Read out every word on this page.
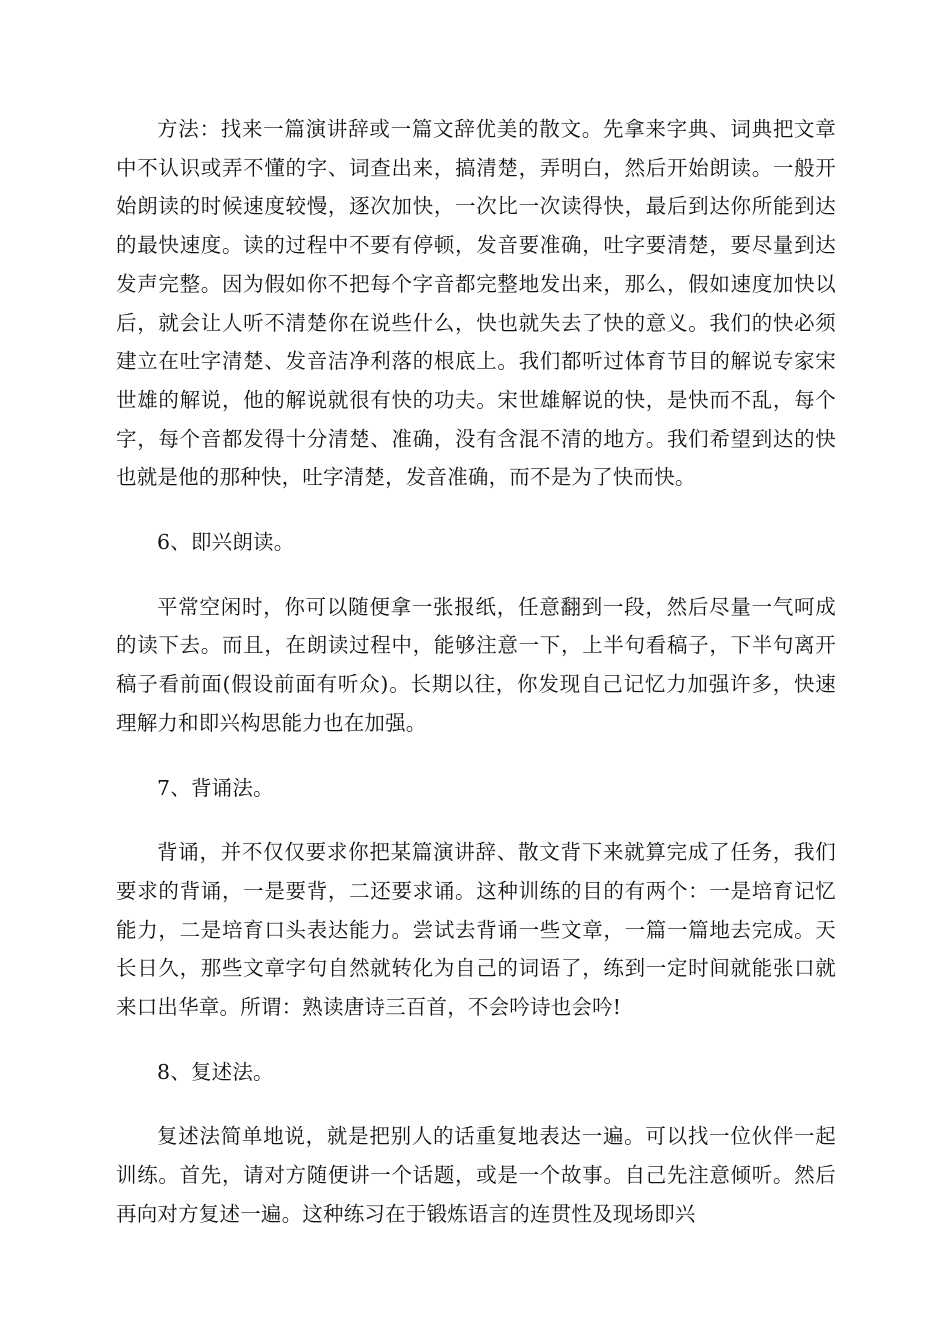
方法：找来一篇演讲辞或一篇文辞优美的散文。先拿来字典、词典把文章中不认识或弄不懂的字、词查出来，搞清楚，弄明白，然后开始朗读。一般开始朗读的时候速度较慢，逐次加快，一次比一次读得快，最后到达你所能到达的最快速度。读的过程中不要有停顿，发音要准确，吐字要清楚，要尽量到达发声完整。因为假如你不把每个字音都完整地发出来，那么，假如速度加快以后，就会让人听不清楚你在说些什么，快也就失去了快的意义。我们的快必须建立在吐字清楚、发音洁净利落的根底上。我们都听过体育节目的解说专家宋世雄的解说，他的解说就很有快的功夫。宋世雄解说的快，是快而不乱，每个字，每个音都发得十分清楚、准确，没有含混不清的地方。我们希望到达的快也就是他的那种快，吐字清楚，发音准确，而不是为了快而快。

6、即兴朗读。

平常空闲时，你可以随便拿一张报纸，任意翻到一段，然后尽量一气呵成的读下去。而且，在朗读过程中，能够注意一下，上半句看稿子，下半句离开稿子看前面(假设前面有听众)。长期以往，你发现自己记忆力加强许多，快速理解力和即兴构思能力也在加强。

7、背诵法。

背诵，并不仅仅要求你把某篇演讲辞、散文背下来就算完成了任务，我们要求的背诵，一是要背，二还要求诵。这种训练的目的有两个：一是培育记忆能力，二是培育口头表达能力。尝试去背诵一些文章，一篇一篇地去完成。天长日久，那些文章字句自然就转化为自己的词语了，练到一定时间就能张口就来口出华章。所谓：熟读唐诗三百首，不会吟诗也会吟!

8、复述法。

复述法简单地说，就是把别人的话重复地表达一遍。可以找一位伙伴一起训练。首先，请对方随便讲一个话题，或是一个故事。自己先注意倾听。然后再向对方复述一遍。这种练习在于锻炼语言的连贯性及现场即兴
